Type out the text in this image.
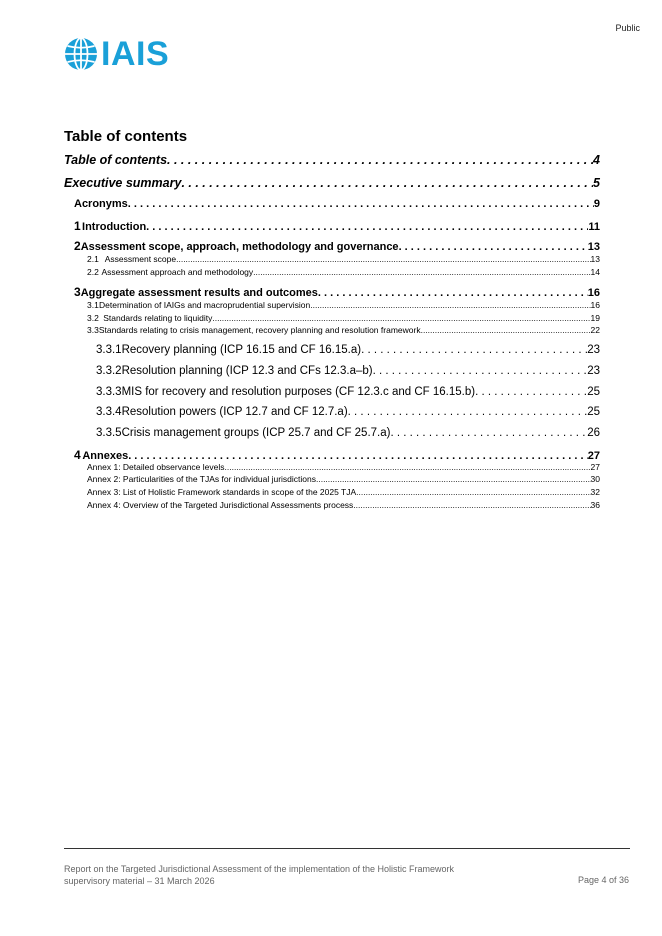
Public
IAIS
Table of contents
Table of contents . . .	4
Executive summary . . .	5
Acronyms . . .	9
1 Introduction . . .	11
2 Assessment scope, approach, methodology and governance . . .	13
2.1 Assessment scope .....	13
2.2 Assessment approach and methodology .....	14
3 Aggregate assessment results and outcomes . . .	16
3.1 Determination of IAIGs and macroprudential supervision .....	16
3.2 Standards relating to liquidity .....	19
3.3 Standards relating to crisis management, recovery planning and resolution framework .....	22
3.3.1 Recovery planning (ICP 16.15 and CF 16.15.a) . . .	23
3.3.2 Resolution planning (ICP 12.3 and CFs 12.3.a–b) . . .	23
3.3.3 MIS for recovery and resolution purposes (CF 12.3.c and CF 16.15.b) . . .	25
3.3.4 Resolution powers (ICP 12.7 and CF 12.7.a) . . .	25
3.3.5 Crisis management groups (ICP 25.7 and CF 25.7.a) . . .	26
4 Annexes . . .	27
Annex 1: Detailed observance levels .....	27
Annex 2: Particularities of the TJAs for individual jurisdictions .....	30
Annex 3: List of Holistic Framework standards in scope of the 2025 TJA .....	32
Annex 4: Overview of the Targeted Jurisdictional Assessments process .....	36
Report on the Targeted Jurisdictional Assessment of the implementation of the Holistic Framework
supervisory material – 31 March 2026	Page 4 of 36
